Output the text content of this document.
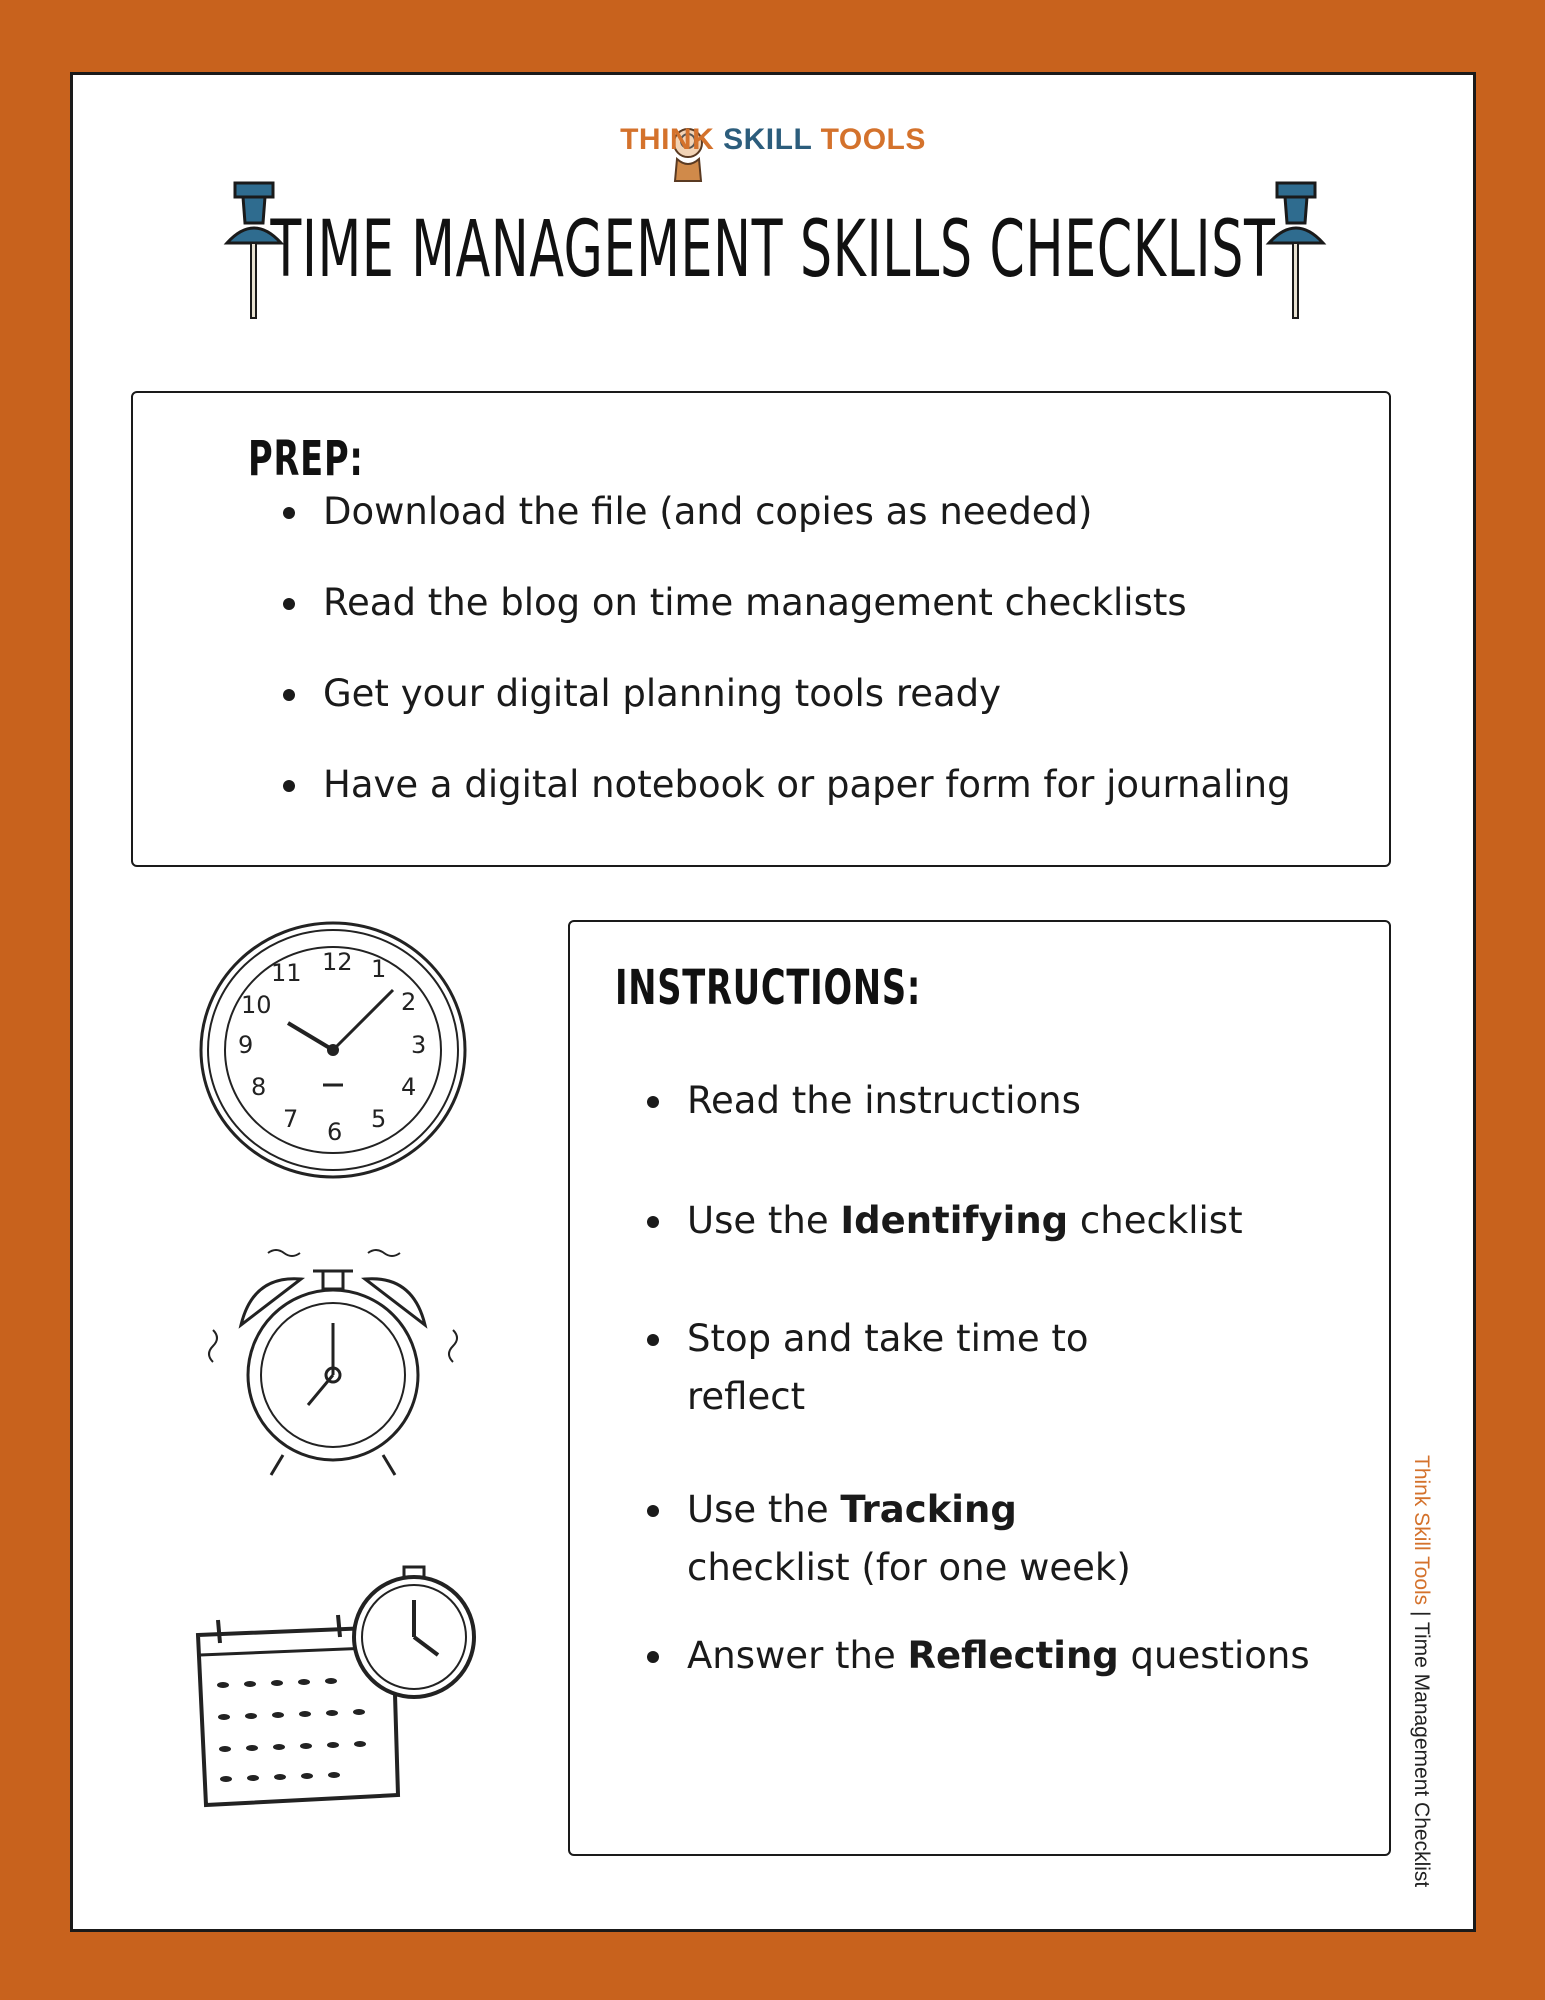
THINK SKILL TOOLS
TIME MANAGEMENT SKILLS CHECKLIST
PREP:
Download the file (and copies as needed)
Read the blog on time management checklists
Get your digital planning tools ready
Have a digital notebook or paper form for journaling
12 1
2
3
4
5
6
7
8
9
10
11	INSTRUCTIONS:
Read the instructions
Use the Identifying checklist
Stop and take time to reflect
Use the Tracking checklist (for one week)
Answer the Reflecting questions
Think Skill Tools | Time Management Checklist
